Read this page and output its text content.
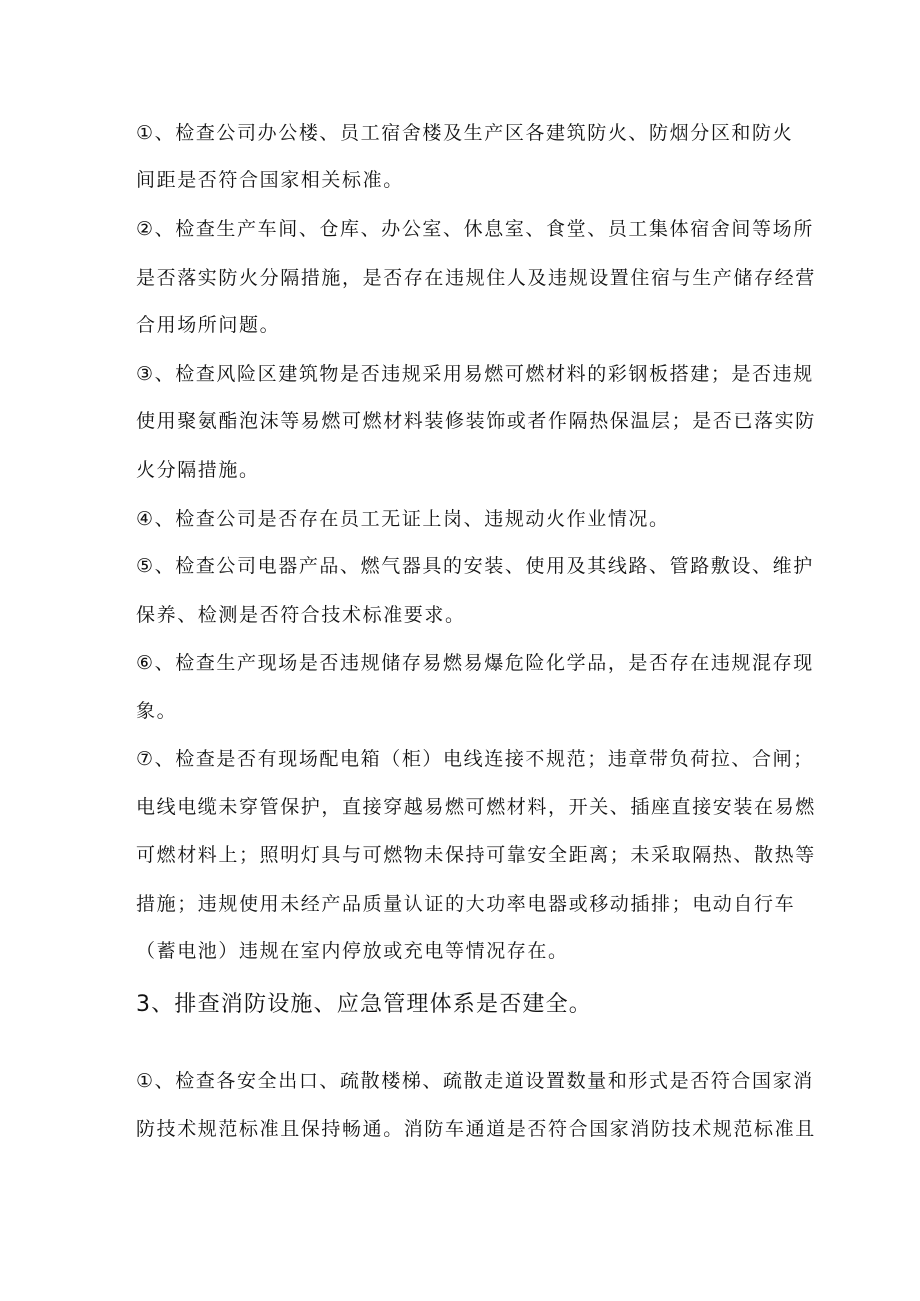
①、检查公司办公楼、员工宿舍楼及生产区各建筑防火、防烟分区和防火
间距是否符合国家相关标准。
②、检查生产车间、仓库、办公室、休息室、食堂、员工集体宿舍间等场所
是否落实防火分隔措施，是否存在违规住人及违规设置住宿与生产储存经营
合用场所问题。
③、检查风险区建筑物是否违规采用易燃可燃材料的彩钢板搭建；是否违规
使用聚氨酯泡沫等易燃可燃材料装修装饰或者作隔热保温层；是否已落实防
火分隔措施。
④、检查公司是否存在员工无证上岗、违规动火作业情况。
⑤、检查公司电器产品、燃气器具的安装、使用及其线路、管路敷设、维护
保养、检测是否符合技术标准要求。
⑥、检查生产现场是否违规储存易燃易爆危险化学品，是否存在违规混存现
象。
⑦、检查是否有现场配电箱（柜）电线连接不规范；违章带负荷拉、合闸；
电线电缆未穿管保护，直接穿越易燃可燃材料，开关、插座直接安装在易燃
可燃材料上；照明灯具与可燃物未保持可靠安全距离；未采取隔热、散热等
措施；违规使用未经产品质量认证的大功率电器或移动插排；电动自行车
（蓄电池）违规在室内停放或充电等情况存在。
3、排查消防设施、应急管理体系是否建全。
①、检查各安全出口、疏散楼梯、疏散走道设置数量和形式是否符合国家消
防技术规范标准且保持畅通。消防车通道是否符合国家消防技术规范标准且
